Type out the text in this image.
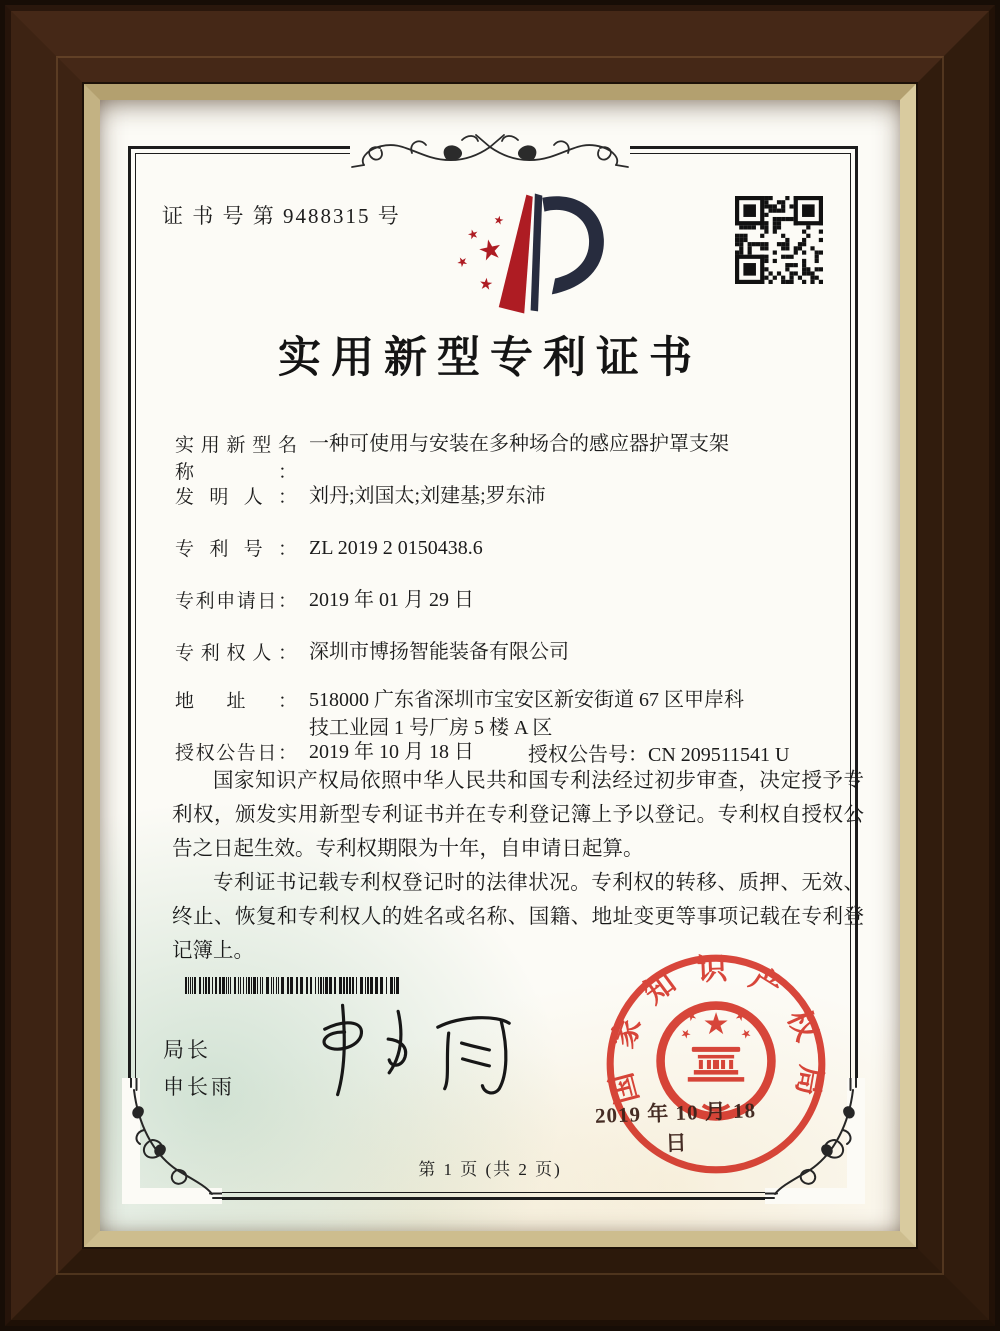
证 书 号 第 9488315 号
★
★
★
★
★
实用新型专利证书
实用新型名称：
一种可使用与安装在多种场合的感应器护罩支架
发明人： 刘丹;刘国太;刘建基;罗东沛
专利号： ZL 2019 2 0150438.6
专利申请日： 2019 年 01 月 29 日
专利权人： 深圳市博扬智能装备有限公司
地址： 518000 广东省深圳市宝安区新安街道 67 区甲岸科技工业园 1 号厂房 5 楼 A 区
授权公告日： 2019 年 10 月 18 日	授权公告号：CN 209511541 U
国家知识产权局依照中华人民共和国专利法经过初步审查，决定授予专利权，颁发实用新型专利证书并在专利登记簿上予以登记。专利权自授权公告之日起生效。专利权期限为十年，自申请日起算。
专利证书记载专利权登记时的法律状况。专利权的转移、质押、无效、终止、恢复和专利权人的姓名或名称、国籍、地址变更等事项记载在专利登记簿上。
局长
申长雨	国家知识产权局
★
★ ★
★	★
2019 年 10 月 18 日
第 1 页 (共 2 页)
